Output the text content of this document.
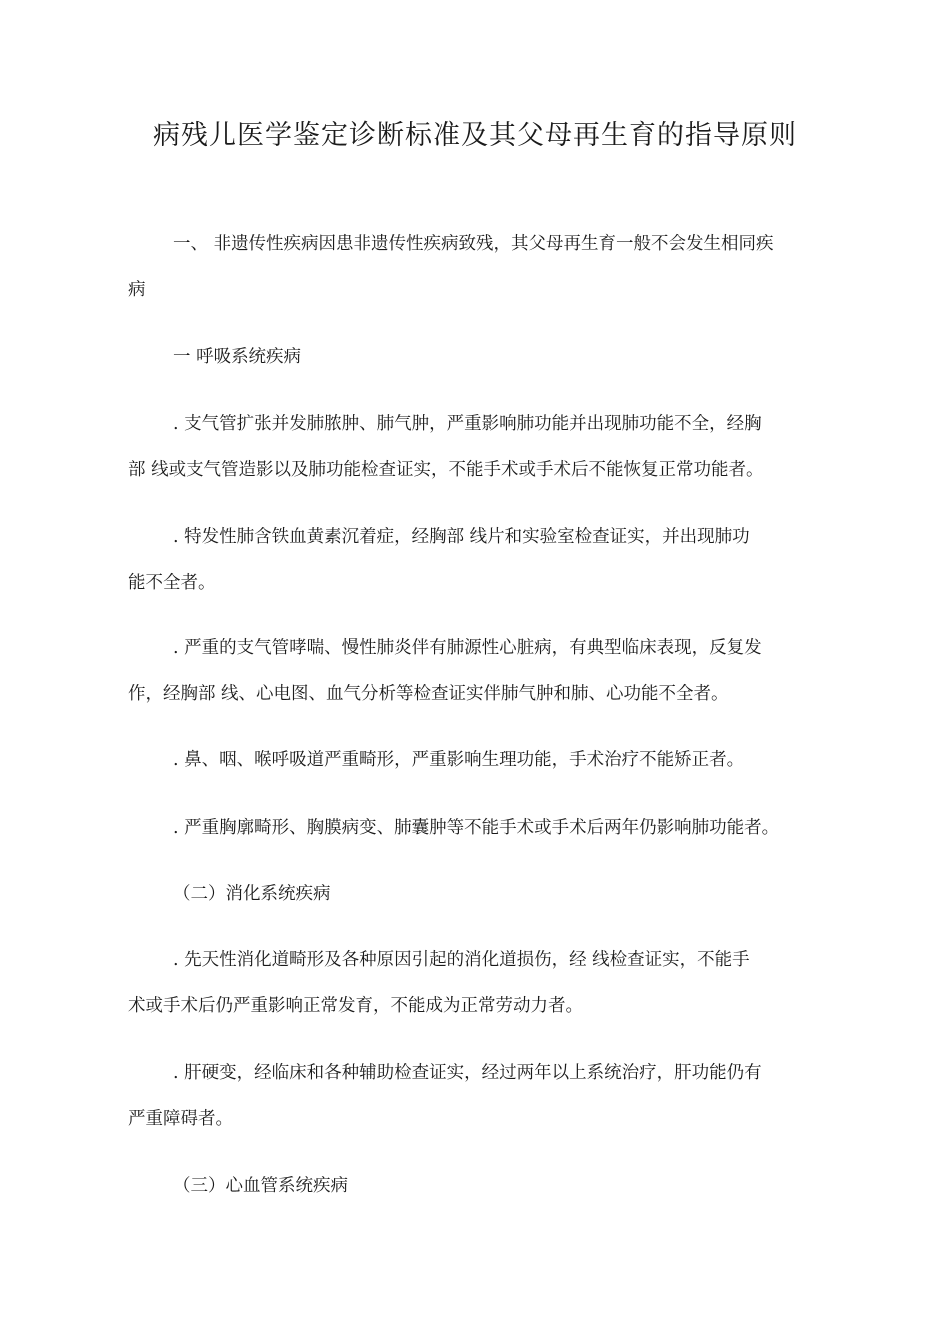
病残儿医学鉴定诊断标准及其父母再生育的指导原则
一、 非遗传性疾病因患非遗传性疾病致残，其父母再生育一般不会发生相同疾
病
一 呼吸系统疾病
. 支气管扩张并发肺脓肿、肺气肿，严重影响肺功能并出现肺功能不全，经胸
部 线或支气管造影以及肺功能检查证实，不能手术或手术后不能恢复正常功能者。
. 特发性肺含铁血黄素沉着症，经胸部 线片和实验室检查证实，并出现肺功
能不全者。
. 严重的支气管哮喘、慢性肺炎伴有肺源性心脏病，有典型临床表现，反复发
作，经胸部 线、心电图、血气分析等检查证实伴肺气肿和肺、心功能不全者。
. 鼻、咽、喉呼吸道严重畸形，严重影响生理功能，手术治疗不能矫正者。
. 严重胸廓畸形、胸膜病变、肺囊肿等不能手术或手术后两年仍影响肺功能者。
（二）消化系统疾病
. 先天性消化道畸形及各种原因引起的消化道损伤，经 线检查证实，不能手
术或手术后仍严重影响正常发育，不能成为正常劳动力者。
. 肝硬变，经临床和各种辅助检查证实，经过两年以上系统治疗，肝功能仍有
严重障碍者。
（三）心血管系统疾病
